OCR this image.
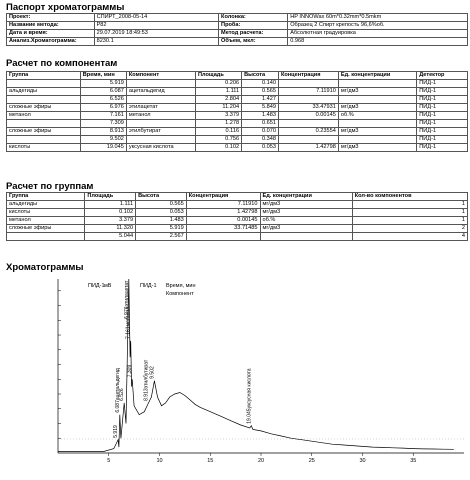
Паспорт хроматограммы
Проект:	СПИРТ_2008-05-14	Колонка:	HP INNOWax 60m*0.32mm*0.5mkm
Название метода:	Р82	Проба:	Образец 2 Спирт крепость 96,6%об.
Дата и время:	29.07.2019 18:49:53	Метод расчета:	Абсолютная градуировка
Анализ.Хроматограмма:	8230.1	Объем, мкл:	0.968
Расчет по компонентам
Группа	Время, мин	Компонент	Площадь	Высота	Концентрация	Ед. концентрации	Детектор
	5.919		0.206	0.140			ПИД-1
альдегиды	6.087	ацетальдегид	1.111	0.565	7.11910	мг/дм3	ПИД-1
	6.526		2.804	1.427			ПИД-1
сложные эфиры	6.976	этилацетат	11.204	5.849	33.47931	мг/дм3	ПИД-1
метанол	7.161	метанол	3.379	1.483	0.00145	об.%	ПИД-1
	7.309		1.278	0.651			ПИД-1
сложные эфиры	8.913	этилбутират	0.116	0.070	0.23554	мг/дм3	ПИД-1
	9.502		0.756	0.348			ПИД-1
кислоты	19.045	уксусная кислота	0.102	0.053	1.42798	мг/дм3	ПИД-1
Расчет по группам
Группа	Площадь	Высота	Концентрация	Ед. концентрации	Кол-во компонентов
альдегиды	1.111	0.565	7.11910	мг/дм3	1
кислоты	0.102	0.053	1.42798	мг/дм3	1
метанол	3.379	1.483	0.00145	об.%	1
сложные эфиры	11.320	5.919	33.71485	мг/дм3	2
	5.044	2.567			4
Хроматограммы
5	10	15	20	25	30	35
ПИД-1 мВ	ПИД-1 Время, мин
Компонент
5.919
6.087ацетальдегид
6.526
6.976этилацетат
7.161метанол
7.309 8.913этилбутират 9.502	19.045уксусная кислота
